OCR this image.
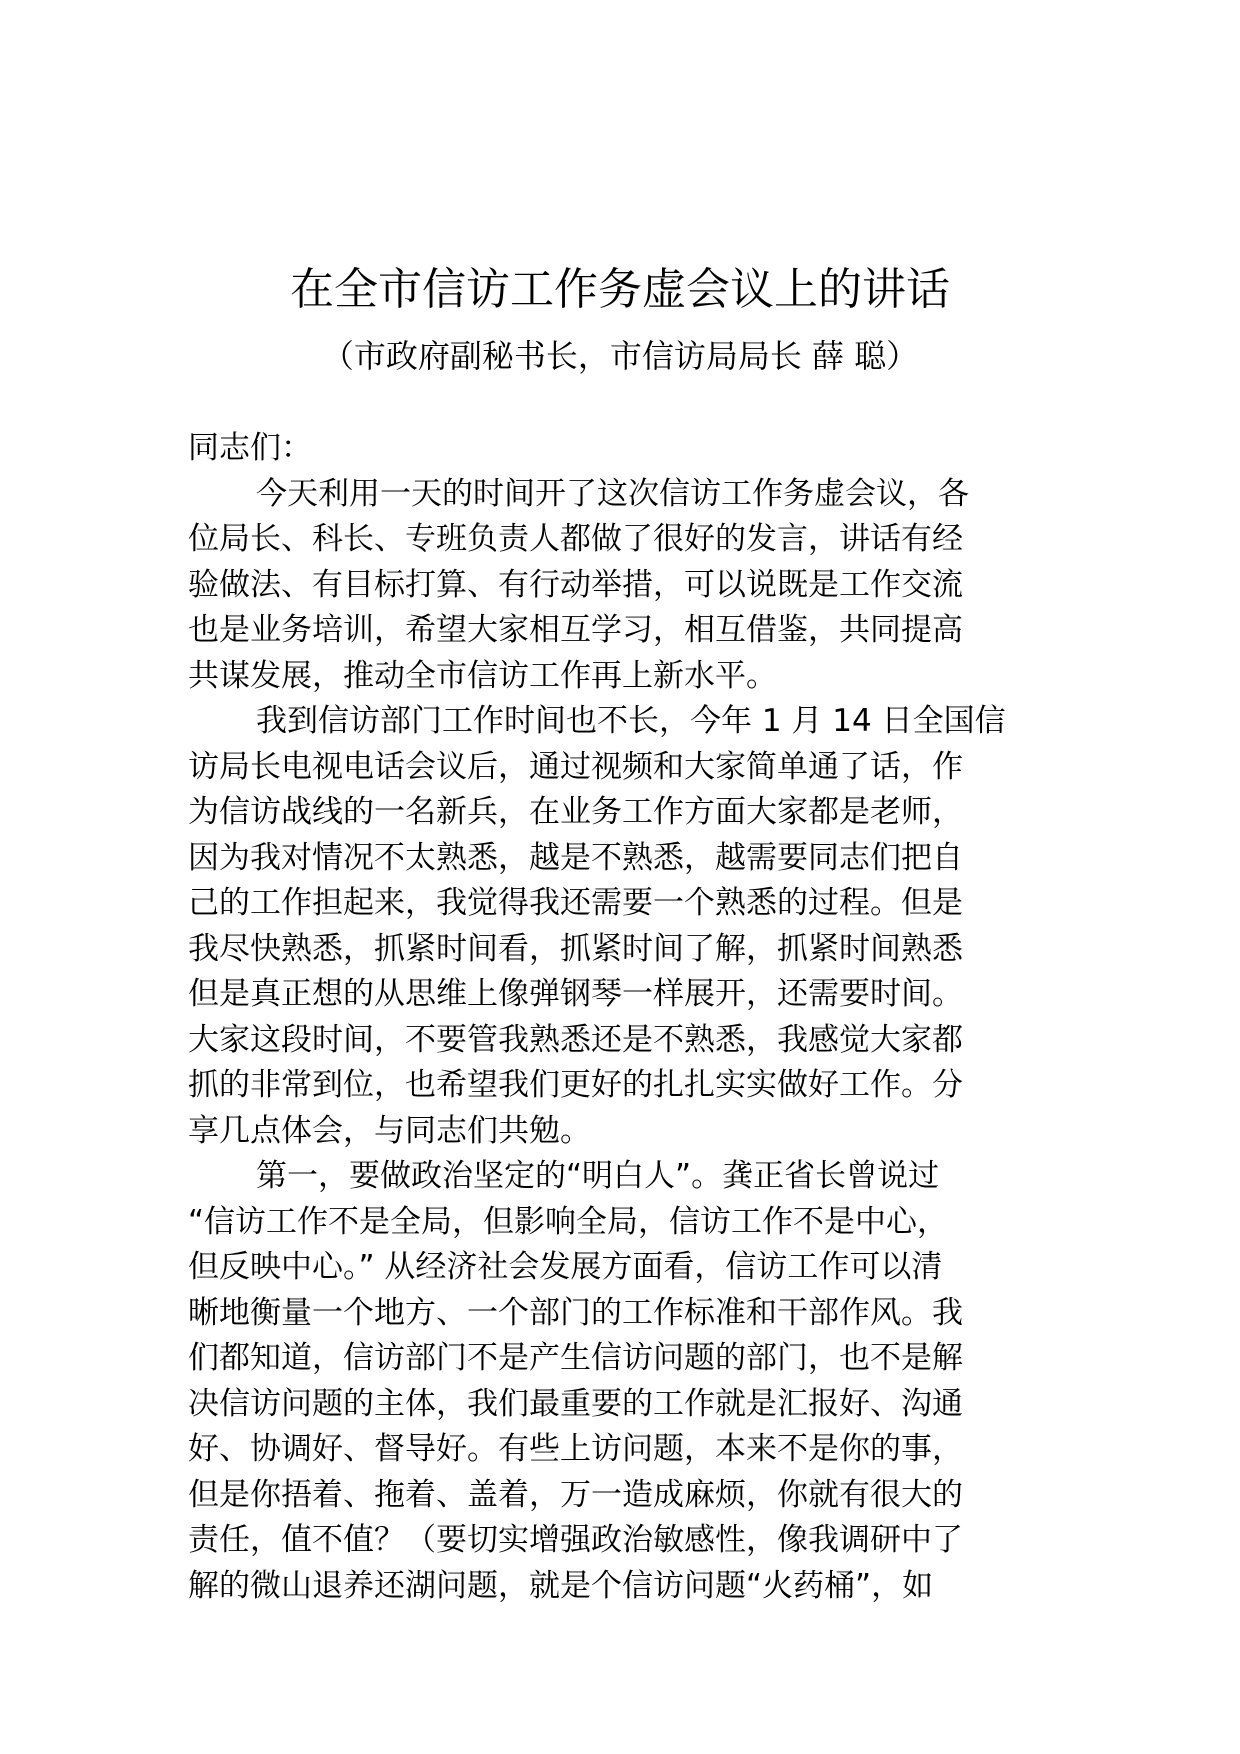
在全市信访工作务虚会议上的讲话
（市政府副秘书长，市信访局局长 薛 聪）
同志们：
今天利用一天的时间开了这次信访工作务虚会议，各
位局长、科长、专班负责人都做了很好的发言，讲话有经
验做法、有目标打算、有行动举措，可以说既是工作交流
也是业务培训，希望大家相互学习，相互借鉴，共同提高
共谋发展，推动全市信访工作再上新水平。
我到信访部门工作时间也不长，今年 1 月 14 日全国信
访局长电视电话会议后，通过视频和大家简单通了话，作
为信访战线的一名新兵，在业务工作方面大家都是老师，
因为我对情况不太熟悉，越是不熟悉，越需要同志们把自
己的工作担起来，我觉得我还需要一个熟悉的过程。但是
我尽快熟悉，抓紧时间看，抓紧时间了解，抓紧时间熟悉
但是真正想的从思维上像弹钢琴一样展开，还需要时间。
大家这段时间，不要管我熟悉还是不熟悉，我感觉大家都
抓的非常到位，也希望我们更好的扎扎实实做好工作。分
享几点体会，与同志们共勉。
第一，要做政治坚定的“明白人”。龚正省长曾说过
“信访工作不是全局，但影响全局，信访工作不是中心，
但反映中心。” 从经济社会发展方面看，信访工作可以清
晰地衡量一个地方、一个部门的工作标准和干部作风。我
们都知道，信访部门不是产生信访问题的部门，也不是解
决信访问题的主体，我们最重要的工作就是汇报好、沟通
好、协调好、督导好。有些上访问题，本来不是你的事，
但是你捂着、拖着、盖着，万一造成麻烦，你就有很大的
责任，值不值？（要切实增强政治敏感性，像我调研中了
解的微山退养还湖问题，就是个信访问题“火药桶”，如
